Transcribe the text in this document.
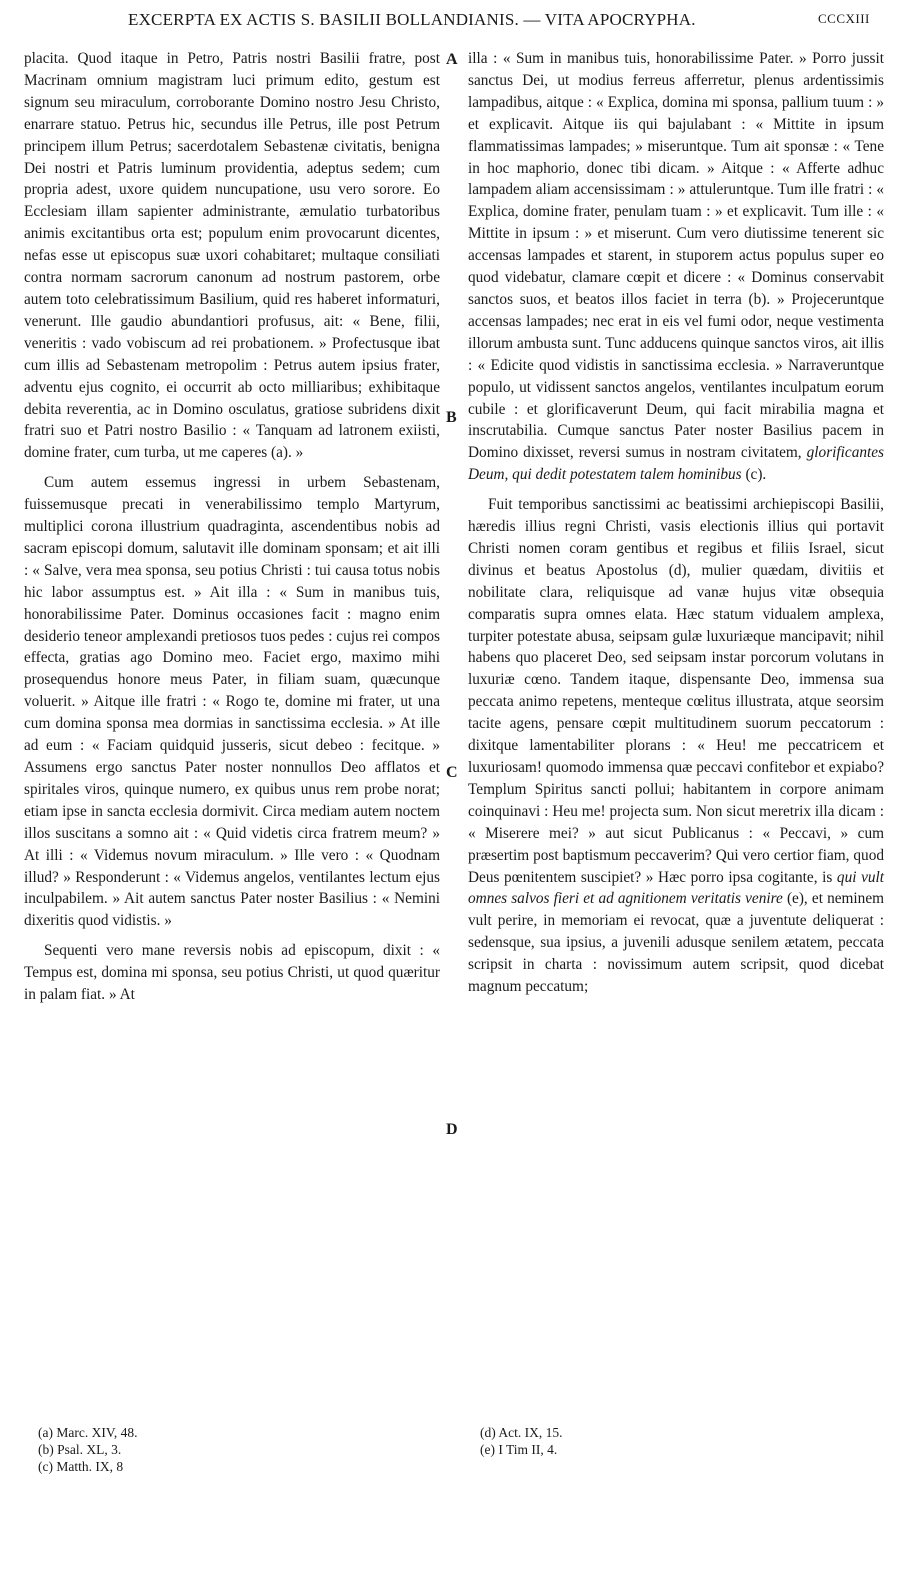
EXCERPTA EX ACTIS S. BASILII BOLLANDIANIS. — VITA APOCRYPHA.	CCCXIII

placita. Quod itaque in Petro, Patris nostri Basilii fratre, post Macrinam omnium magistram luci primum edito, gestum est signum seu miraculum, corroborante Domino nostro Jesu Christo, enarrare statuo. Petrus hic, secundus ille Petrus, ille post Petrum principem illum Petrus; sacerdotalem Sebastenæ civitatis, benigna Dei nostri et Patris luminum providentia, adeptus sedem; cum propria adest, uxore quidem nuncupatione, usu vero sorore. Eo Ecclesiam illam sapienter administrante, æmulatio turbatoribus animis excitantibus orta est; populum enim provocarunt dicentes, nefas esse ut episcopus suæ uxori cohabitaret; multaque consiliati contra normam sacrorum canonum ad nostrum pastorem, orbe autem toto celebratissimum Basilium, quid res haberet informaturi, venerunt. Ille gaudio abundantiori profusus, ait: « Bene, filii, veneritis : vado vobiscum ad rei probationem. » Profectusque ibat cum illis ad Sebastenam metropolim : Petrus autem ipsius frater, adventu ejus cognito, ei occurrit ab octo milliaribus; exhibitaque debita reverentia, ac in Domino osculatus, gratiose subridens dixit fratri suo et Patri nostro Basilio : « Tanquam ad latronem exiisti, domine frater, cum turba, ut me caperes (a). »

Cum autem essemus ingressi in urbem Sebastenam, fuissemusque precati in venerabilissimo templo Martyrum, multiplici corona illustrium quadraginta, ascendentibus nobis ad sacram episcopi domum, salutavit ille dominam sponsam; et ait illi : « Salve, vera mea sponsa, seu potius Christi : tui causa totus nobis hic labor assumptus est. » Ait illa : « Sum in manibus tuis, honorabilissime Pater. Dominus occasiones facit : magno enim desiderio teneor amplexandi pretiosos tuos pedes : cujus rei compos effecta, gratias ago Domino meo. Faciet ergo, maximo mihi prosequendus honore meus Pater, in filiam suam, quæcunque voluerit. » Aitque ille fratri : « Rogo te, domine mi frater, ut una cum domina sponsa mea dormias in sanctissima ecclesia. » At ille ad eum : « Faciam quidquid jusseris, sicut debeo : fecitque. » Assumens ergo sanctus Pater noster nonnullos Deo afflatos et spiritales viros, quinque numero, ex quibus unus rem probe norat; etiam ipse in sancta ecclesia dormivit. Circa mediam autem noctem illos suscitans a somno ait : « Quid videtis circa fratrem meum? » At illi : « Videmus novum miraculum. » Ille vero : « Quodnam illud? » Responderunt : « Videmus angelos, ventilantes lectum ejus inculpabilem. » Ait autem sanctus Pater noster Basilius : « Nemini dixeritis quod vidistis. »

Sequenti vero mane reversis nobis ad episcopum, dixit : « Tempus est, domina mi sponsa, seu potius Christi, ut quod quæritur in palam fiat. » At

illa : « Sum in manibus tuis, honorabilissime Pater. » Porro jussit sanctus Dei, ut modius ferreus afferretur, plenus ardentissimis lampadibus, aitque : « Explica, domina mi sponsa, pallium tuum : » et explicavit. Aitque iis qui bajulabant : « Mittite in ipsum flammatissimas lampades; » miseruntque. Tum ait sponsæ : « Tene in hoc maphorio, donec tibi dicam. » Aitque : « Afferte adhuc lampadem aliam accensissimam : » attuleruntque. Tum ille fratri : « Explica, domine frater, penulam tuam : » et explicavit. Tum ille : « Mittite in ipsum : » et miserunt. Cum vero diutissime tenerent sic accensas lampades et starent, in stuporem actus populus super eo quod videbatur, clamare cœpit et dicere : « Dominus conservabit sanctos suos, et beatos illos faciet in terra (b). » Projeceruntque accensas lampades; nec erat in eis vel fumi odor, neque vestimenta illorum ambusta sunt. Tunc adducens quinque sanctos viros, ait illis : « Edicite quod vidistis in sanctissima ecclesia. » Narraveruntque populo, ut vidissent sanctos angelos, ventilantes inculpatum eorum cubile : et glorificaverunt Deum, qui facit mirabilia magna et inscrutabilia. Cumque sanctus Pater noster Basilius pacem in Domino dixisset, reversi sumus in nostram civitatem, glorificantes Deum, qui dedit potestatem talem hominibus (c).

Fuit temporibus sanctissimi ac beatissimi archiepiscopi Basilii, hæredis illius regni Christi, vasis electionis illius qui portavit Christi nomen coram gentibus et regibus et filiis Israel, sicut divinus et beatus Apostolus (d), mulier quædam, divitiis et nobilitate clara, reliquisque ad vanæ hujus vitæ obsequia comparatis supra omnes elata. Hæc statum vidualem amplexa, turpiter potestate abusa, seipsam gulæ luxuriæque mancipavit; nihil habens quo placeret Deo, sed seipsam instar porcorum volutans in luxuriæ cœno. Tandem itaque, dispensante Deo, immensa sua peccata animo repetens, menteque cœlitus illustrata, atque seorsim tacite agens, pensare cœpit multitudinem suorum peccatorum : dixitque lamentabiliter plorans : « Heu! me peccatricem et luxuriosam! quomodo immensa quæ peccavi confitebor et expiabo? Templum Spiritus sancti pollui; habitantem in corpore animam coinquinavi : Heu me! projecta sum. Non sicut meretrix illa dicam : « Miserere mei? » aut sicut Publicanus : « Peccavi, » cum præsertim post baptismum peccaverim? Qui vero certior fiam, quod Deus pœnitentem suscipiet? » Hæc porro ipsa cogitante, is qui vult omnes salvos fieri et ad agnitionem veritatis venire (e), et neminem vult perire, in memoriam ei revocat, quæ a juventute deliquerat : sedensque, sua ipsius, a juvenili adusque senilem ætatem, peccata scripsit in charta : novissimum autem scripsit, quod dicebat magnum peccatum;

A
B
C
D
(a) Marc. XIV, 48.
(b) Psal. XL, 3.
(c) Matth. IX, 8
(d) Act. IX, 15.
(e) I Tim II, 4.
